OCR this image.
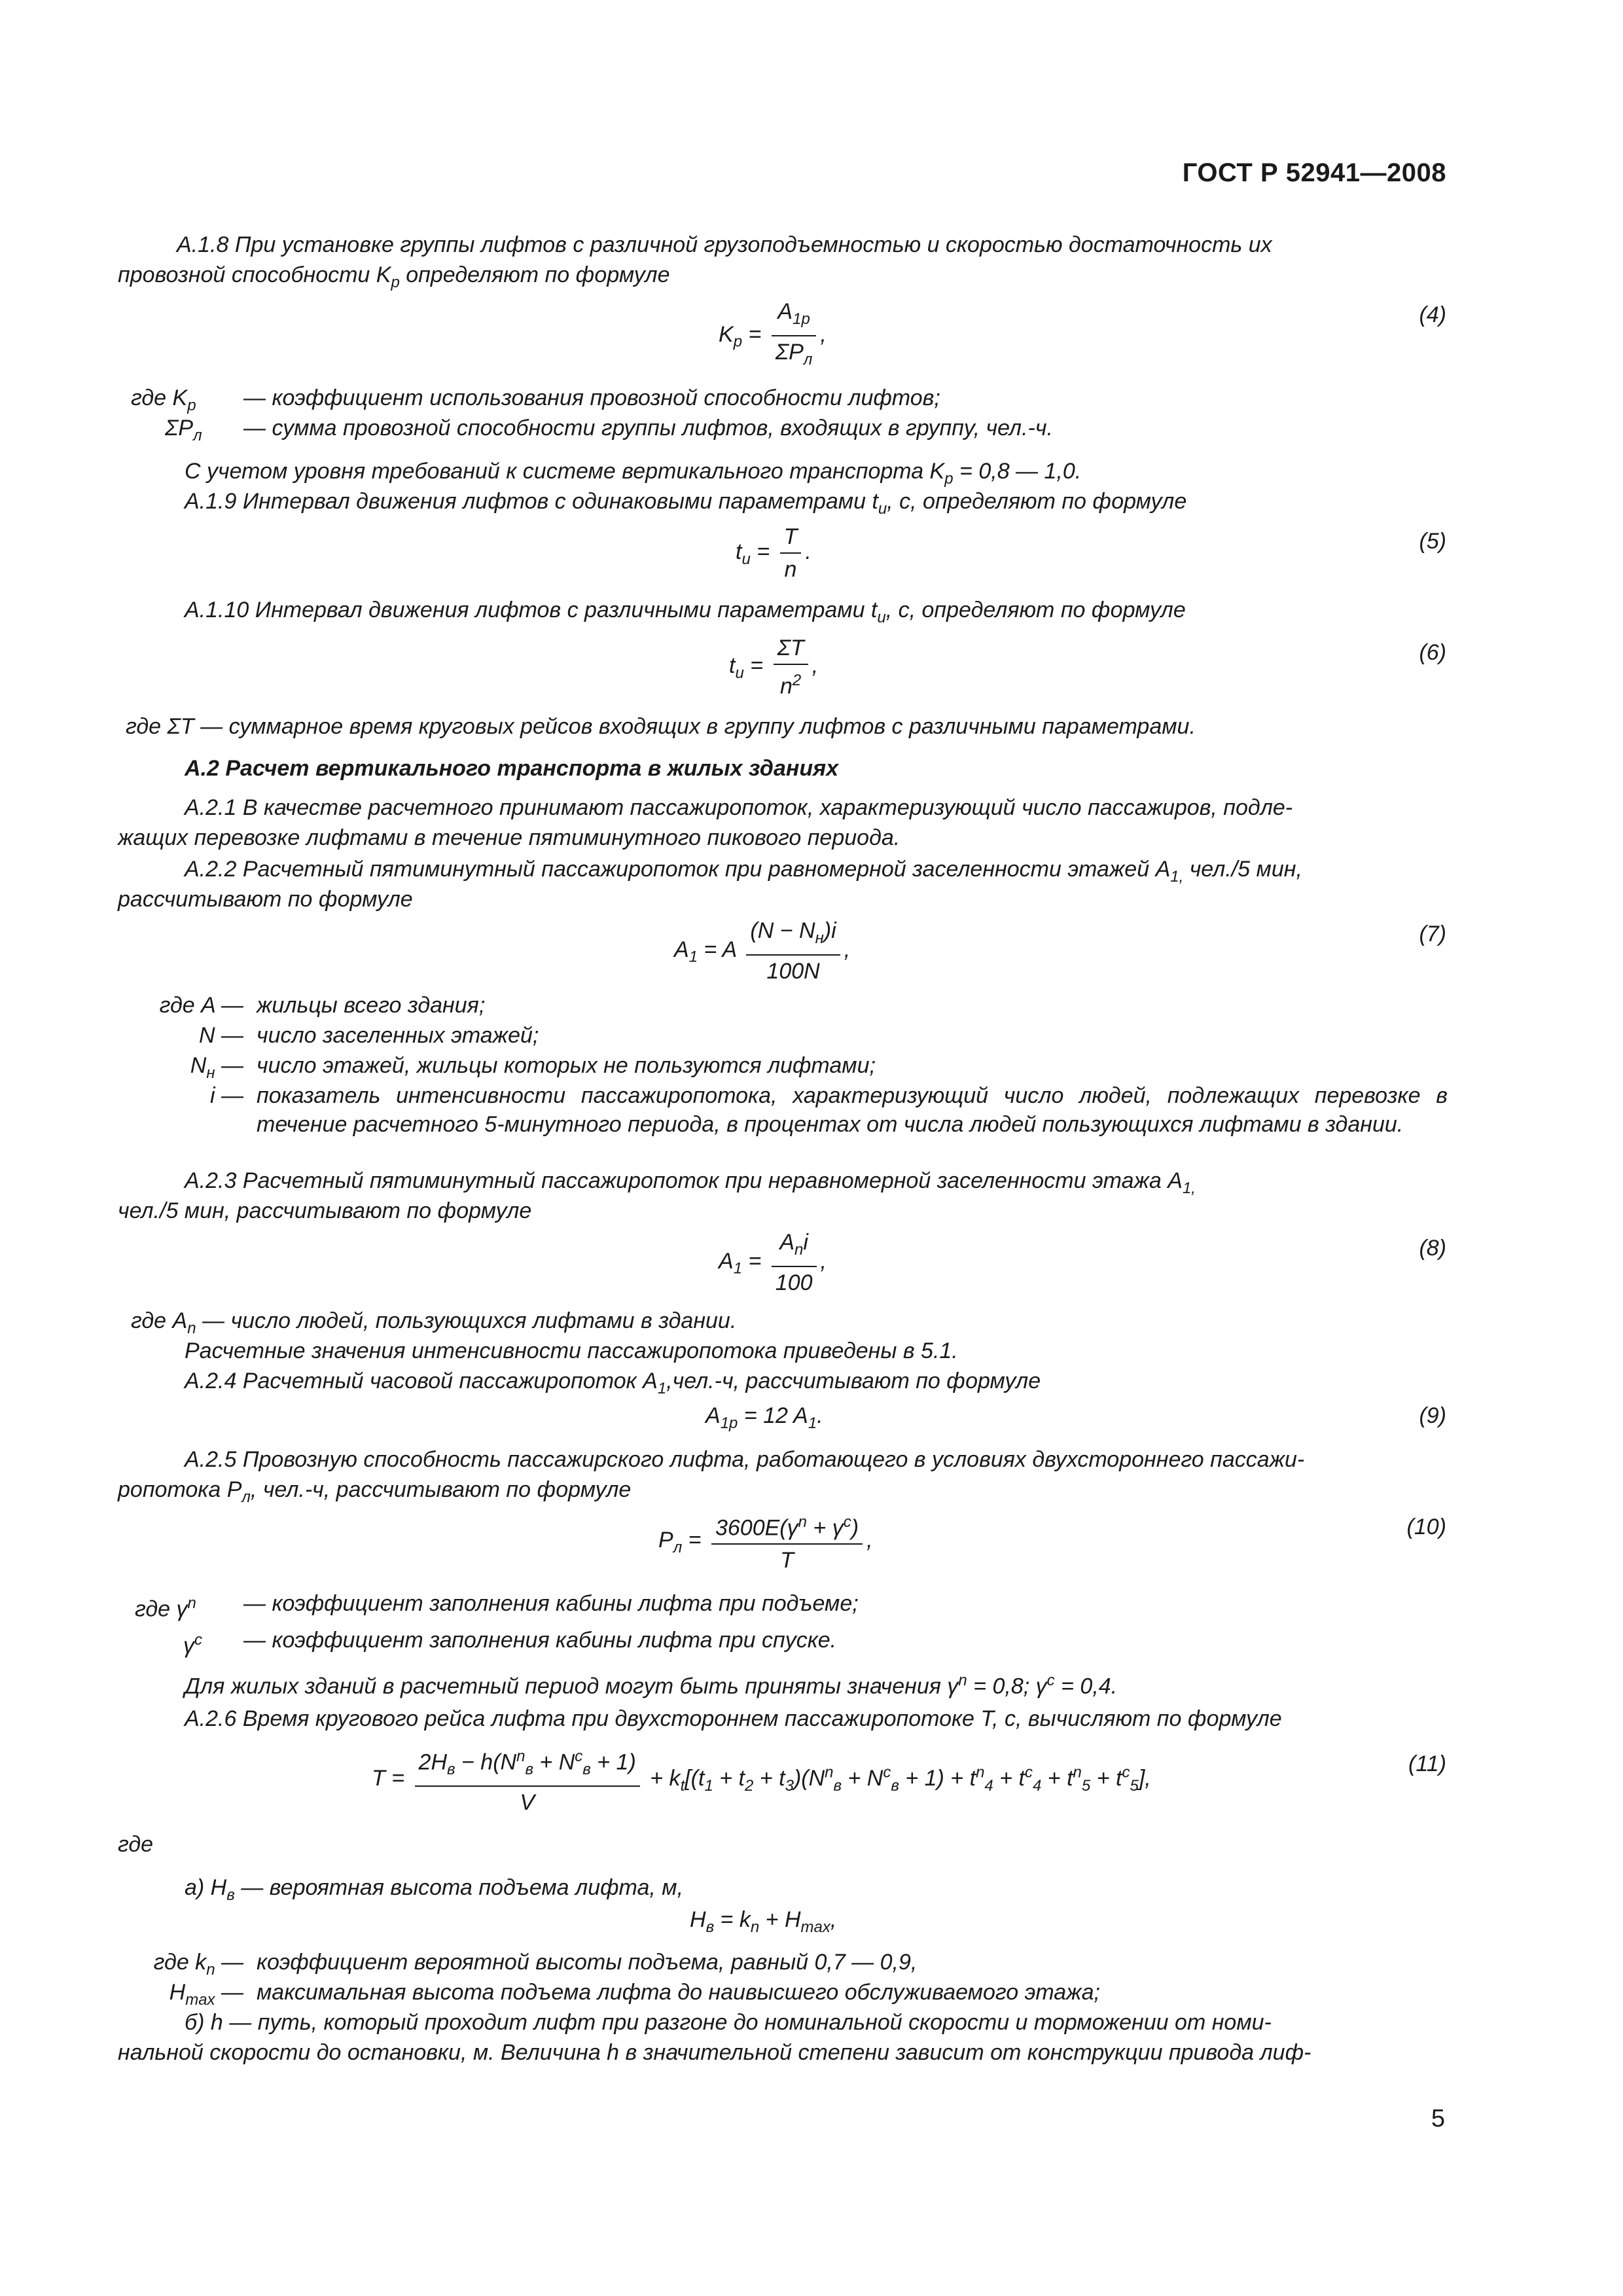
ГОСТ Р 52941—2008
А.1.8 При установке группы лифтов с различной грузоподъемностью и скоростью достаточность их
провозной способности $K_p$ определяют по формуле
$K_p = \frac{A_{1p}}{\Sigma P_л}$ ,
(4)
где $K_p$ — коэффициент использования провозной способности лифтов;
$\Sigma P_л$ — сумма провозной способности группы лифтов, входящих в группу, чел.-ч.
С учетом уровня требований к системе вертикального транспорта $K_p = 0,8$ — 1,0.
А.1.9 Интервал движения лифтов с одинаковыми параметрами $t_u$, c, определяют по формуле
$t_u = \frac{T}{n}$ .	(5)
А.1.10 Интервал движения лифтов с различными параметрами $t_u$, c, определяют по формуле
$t_u = \frac{\Sigma T}{n^2}$ ,
(6)
где ΣT — суммарное время круговых рейсов входящих в группу лифтов с различными параметрами.
А.2 Расчет вертикального транспорта в жилых зданиях
А.2.1 В качестве расчетного принимают пассажиропоток, характеризующий число пассажиров, подле-
жащих перевозке лифтами в течение пятиминутного пикового периода.
А.2.2 Расчетный пятиминутный пассажиропоток при равномерной заселенности этажей $A_{1,}$ чел./5 мин,
рассчитывают по формуле
$A_1 = A \frac{(N - N_н)i}{100N}$ ,
(7)
где A — жильцы всего здания;
N — число заселенных этажей;
$N_н$ — число этажей, жильцы которых не пользуются лифтами;
i — показатель интенсивности пассажиропотока, характеризующий число людей, подлежащих перевозке в течение расчетного 5-минутного периода, в процентах от числа людей пользующихся лифтами в здании.
А.2.3 Расчетный пятиминутный пассажиропоток при неравномерной заселенности этажа $A_{1,}$
чел./5 мин, рассчитывают по формуле
$A_1 = \frac{A_ni}{100}$ ,
(8)
где $A_n$ — число людей, пользующихся лифтами в здании.
Расчетные значения интенсивности пассажиропотока приведены в 5.1.
А.2.4 Расчетный часовой пассажиропоток $A_1,чел.-ч$, рассчитывают по формуле
$A_{1p} = 12$ $A_1$.	(9)
А.2.5 Провозную способность пассажирского лифта, работающего в условиях двухстороннего пассажи-
ропотока $P_л$, чел.-ч, рассчитывают по формуле
$P_л = \frac{3600E(\gamma^n + \gamma^c)}{T}$ ,
(10)
где $\gamma^n$ — коэффициент заполнения кабины лифта при подъеме;
$\gamma^c$ — коэффициент заполнения кабины лифта при спуске.
Для жилых зданий в расчетный период могут быть приняты значения $\gamma^n = 0,8$; $\gamma^c = 0,4$.
А.2.6 Время кругового рейса лифта при двухстороннем пассажиропотоке T, c, вычисляют по формуле
$T = \frac{2H_в - h(N^n_в + N^c_в + 1)}{V} + k_t[(t_1 + t_2 + t_3)(N^n_в + N^c_в + 1) + t^n_4 + t^c_4 + t^n_5 + t^c_5]$,
(11)
где
а) $H_в$ — вероятная высота подъема лифта, м,
$H_в = k_n + H_{max}$,
где $k_n$ — коэффициент вероятной высоты подъема, равный 0,7 — 0,9,
$H_{max}$ — максимальная высота подъема лифта до наивысшего обслуживаемого этажа;
б) h — путь, который проходит лифт при разгоне до номинальной скорости и торможении от номи-
нальной скорости до остановки, м. Величина h в значительной степени зависит от конструкции привода лиф-
5
